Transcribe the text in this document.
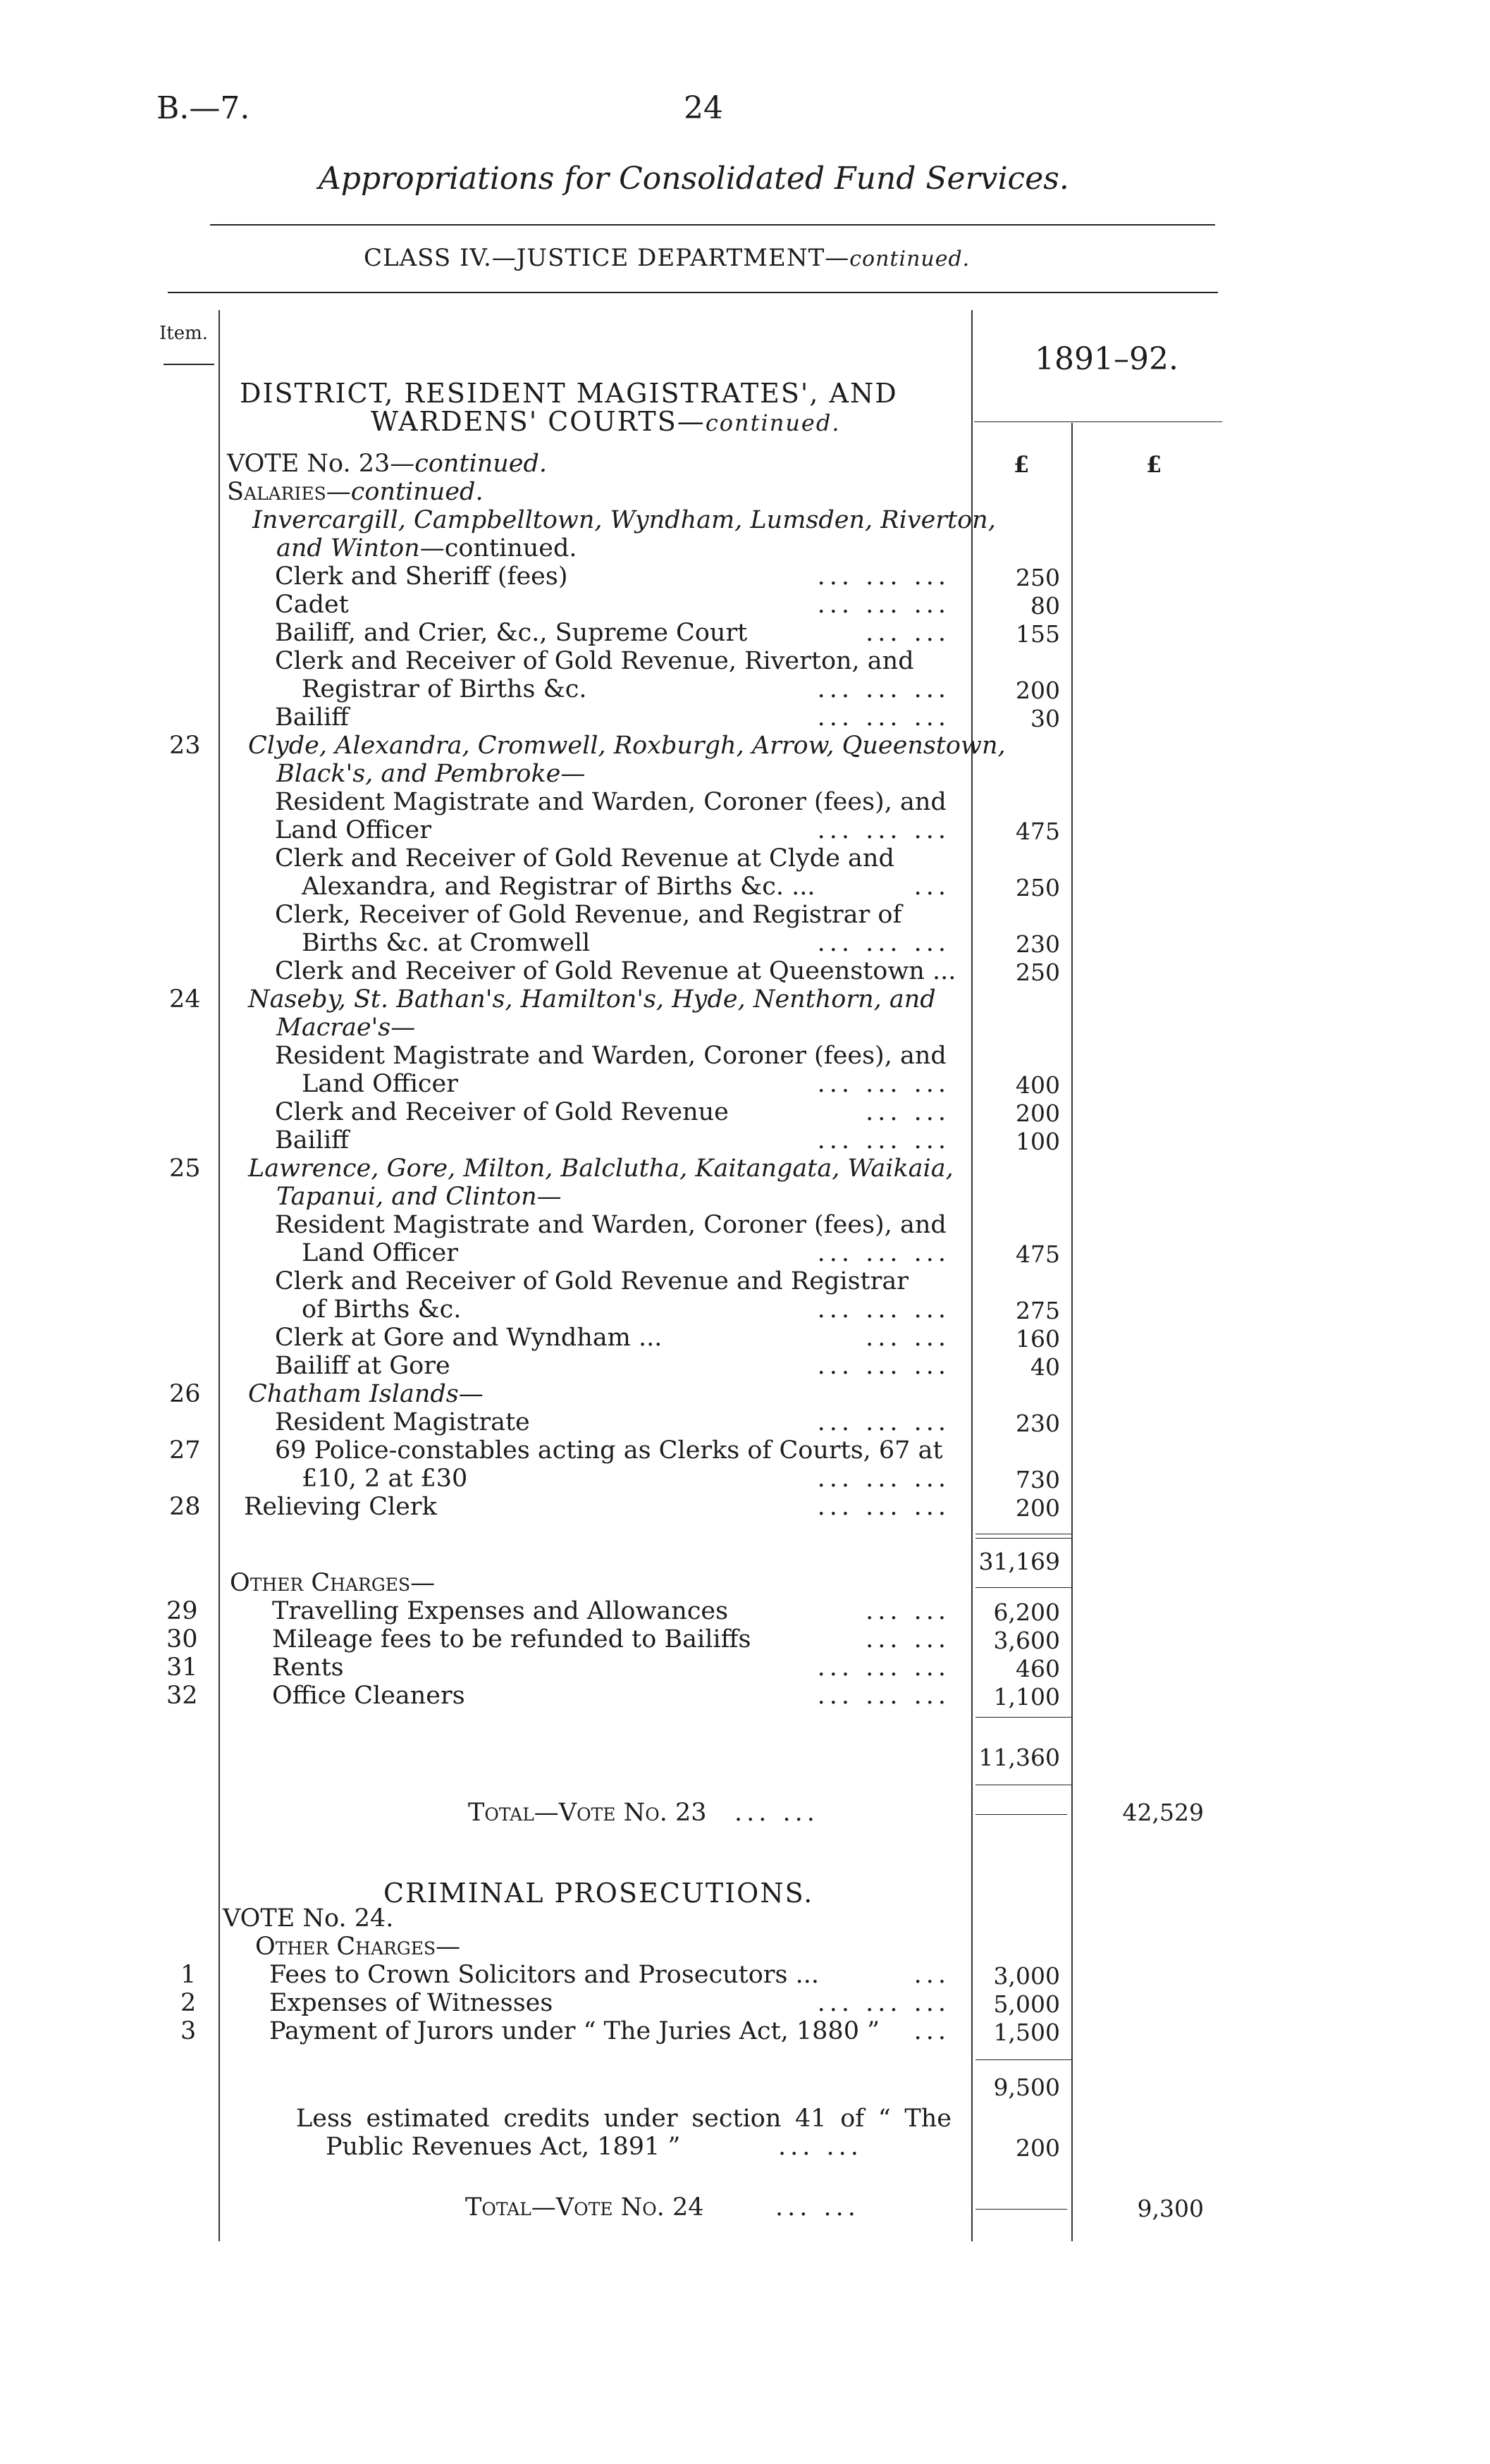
B.—7.	24
Appropriations for Consolidated Fund Services.
CLASS IV.—JUSTICE DEPARTMENT—continued.
Item.
1891–92.
£	£
DISTRICT, RESIDENT MAGISTRATES', AND
WARDENS' COURTS—continued.
VOTE No. 23—continued.
Salaries—continued.
Invercargill, Campbelltown, Wyndham, Lumsden, Riverton,
and Winton—continued.
Clerk and Sheriff (fees)	... ... ...	250
Cadet	... ... ...	80
Bailiff, and Crier, &c., Supreme Court	... ...	155
Clerk and Receiver of Gold Revenue, Riverton, and
Registrar of Births &c.	... ... ...	200
Bailiff	... ... ...	30
23 Clyde, Alexandra, Cromwell, Roxburgh, Arrow, Queenstown,
Black's, and Pembroke—
Resident Magistrate and Warden, Coroner (fees), and
Land Officer	... ... ...	475
Clerk and Receiver of Gold Revenue at Clyde and
Alexandra, and Registrar of Births &c. ...	...	250
Clerk, Receiver of Gold Revenue, and Registrar of
Births &c. at Cromwell	... ... ...	230
Clerk and Receiver of Gold Revenue at Queenstown ...	250
24 Naseby, St. Bathan's, Hamilton's, Hyde, Nenthorn, and
Macrae's—
Resident Magistrate and Warden, Coroner (fees), and
Land Officer	... ... ...	400
Clerk and Receiver of Gold Revenue	... ...	200
Bailiff	... ... ...	100
25 Lawrence, Gore, Milton, Balclutha, Kaitangata, Waikaia,
Tapanui, and Clinton—
Resident Magistrate and Warden, Coroner (fees), and
Land Officer	... ... ...	475
Clerk and Receiver of Gold Revenue and Registrar
of Births &c.	... ... ...	275
Clerk at Gore and Wyndham ...	... ...	160
Bailiff at Gore	... ... ...	40
26 Chatham Islands—
Resident Magistrate	... ... ...	230
27	69 Police-constables acting as Clerks of Courts, 67 at
£10, 2 at £30	... ... ...	730
28 Relieving Clerk	... ... ...	200
31,169
Other Charges—
29	Travelling Expenses and Allowances	... ...	6,200
30	Mileage fees to be refunded to Bailiffs	... ...	3,600
31	Rents	... ... ...	460
32	Office Cleaners	... ... ...	1,100
11,360
Total—Vote No. 23 ... ...	42,529
CRIMINAL PROSECUTIONS.
VOTE No. 24.
Other Charges—
1	Fees to Crown Solicitors and Prosecutors ...	...	3,000
2	Expenses of Witnesses	... ... ...	5,000
3	Payment of Jurors under “ The Juries Act, 1880 ” ...	1,500
9,500
Less estimated credits under section 41 of “ The
Public Revenues Act, 1891 ”	... ...	200
Total—Vote No. 24	... ...	9,300
